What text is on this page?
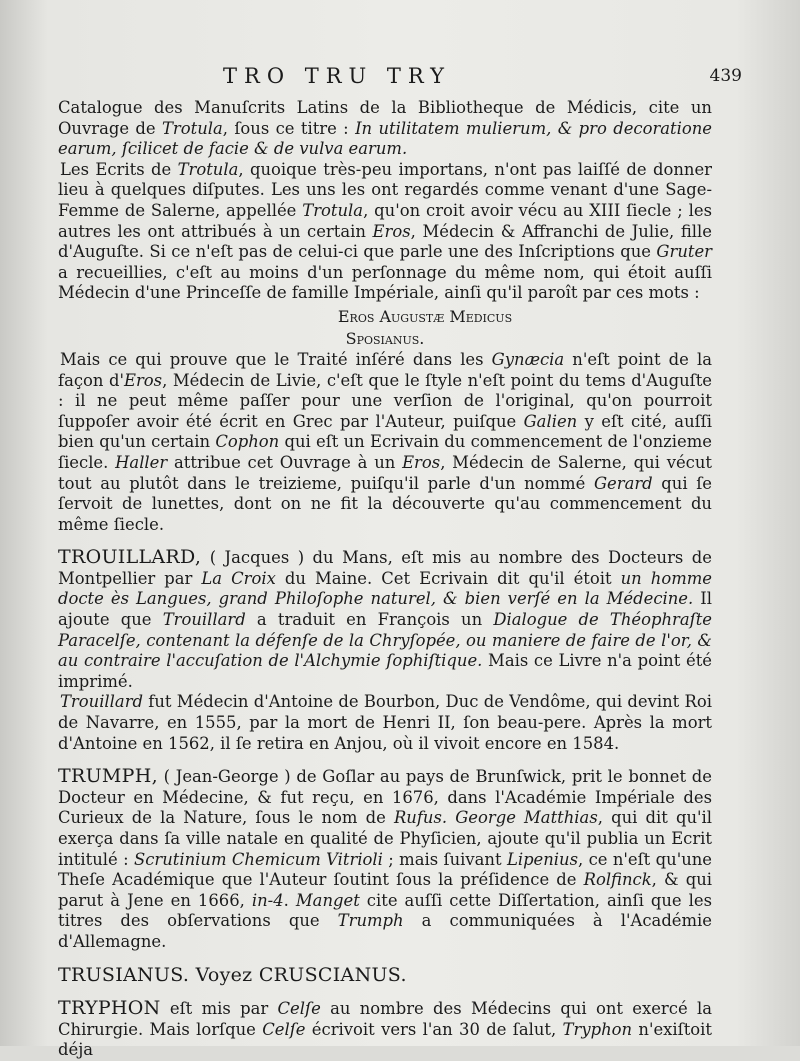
TRO TRU TRY	439

Catalogue des Manuſcrits Latins de la Bibliotheque de Médicis, cite un Ouvrage de Trotula, ſous ce titre : In utilitatem mulierum, & pro decoratione earum, ſcilicet de facie & de vulva earum.

Les Ecrits de Trotula, quoique très-peu importans, n'ont pas laiſſé de donner lieu à quelques diſputes. Les uns les ont regardés comme venant d'une Sage-Femme de Salerne, appellée Trotula, qu'on croit avoir vécu au XIII ſiecle ; les autres les ont attribués à un certain Eros, Médecin & Affranchi de Julie, fille d'Auguſte. Si ce n'eſt pas de celui-ci que parle une des Inſcriptions que Gruter a recueillies, c'eſt au moins d'un perſonnage du même nom, qui étoit auſſi Médecin d'une Princeſſe de famille Impériale, ainſi qu'il paroît par ces mots :

Eros Augustæ Medicus

Sposianus.

Mais ce qui prouve que le Traité inſéré dans les Gynæcia n'eſt point de la façon d'Eros, Médecin de Livie, c'eſt que le ſtyle n'eſt point du tems d'Auguſte : il ne peut même paſſer pour une verſion de l'original, qu'on pourroit ſuppoſer avoir été écrit en Grec par l'Auteur, puiſque Galien y eſt cité, auſſi bien qu'un certain Cophon qui eſt un Ecrivain du commencement de l'onzieme ſiecle. Haller attribue cet Ouvrage à un Eros, Médecin de Salerne, qui vécut tout au plutôt dans le treizieme, puiſqu'il parle d'un nommé Gerard qui ſe ſervoit de lunettes, dont on ne fit la découverte qu'au commencement du même ſiecle.

TROUILLARD, ( Jacques ) du Mans, eſt mis au nombre des Docteurs de Montpellier par La Croix du Maine. Cet Ecrivain dit qu'il étoit un homme docte ès Langues, grand Philoſophe naturel, & bien verſé en la Médecine. Il ajoute que Trouillard a traduit en François un Dialogue de Théophraſte Paracelſe, contenant la défenſe de la Chryſopée, ou maniere de faire de l'or, & au contraire l'accuſation de l'Alchymie ſophiſtique. Mais ce Livre n'a point été imprimé.

Trouillard fut Médecin d'Antoine de Bourbon, Duc de Vendôme, qui devint Roi de Navarre, en 1555, par la mort de Henri II, ſon beau-pere. Après la mort d'Antoine en 1562, il ſe retira en Anjou, où il vivoit encore en 1584.

TRUMPH, ( Jean-George ) de Goſlar au pays de Brunſwick, prit le bonnet de Docteur en Médecine, & fut reçu, en 1676, dans l'Académie Impériale des Curieux de la Nature, ſous le nom de Rufus. George Matthias, qui dit qu'il exerça dans ſa ville natale en qualité de Phyſicien, ajoute qu'il publia un Ecrit intitulé : Scrutinium Chemicum Vitrioli ; mais ſuivant Lipenius, ce n'eſt qu'une Theſe Académique que l'Auteur ſoutint ſous la préſidence de Rolfinck, & qui parut à Jene en 1666, in-4. Manget cite auſſi cette Diſſertation, ainſi que les titres des obſervations que Trumph a communiquées à l'Académie d'Allemagne.

TRUSIANUS. Voyez CRUSCIANUS.

TRYPHON eſt mis par Celſe au nombre des Médecins qui ont exercé la Chirurgie. Mais lorſque Celſe écrivoit vers l'an 30 de ſalut, Tryphon n'exiſtoit déja
